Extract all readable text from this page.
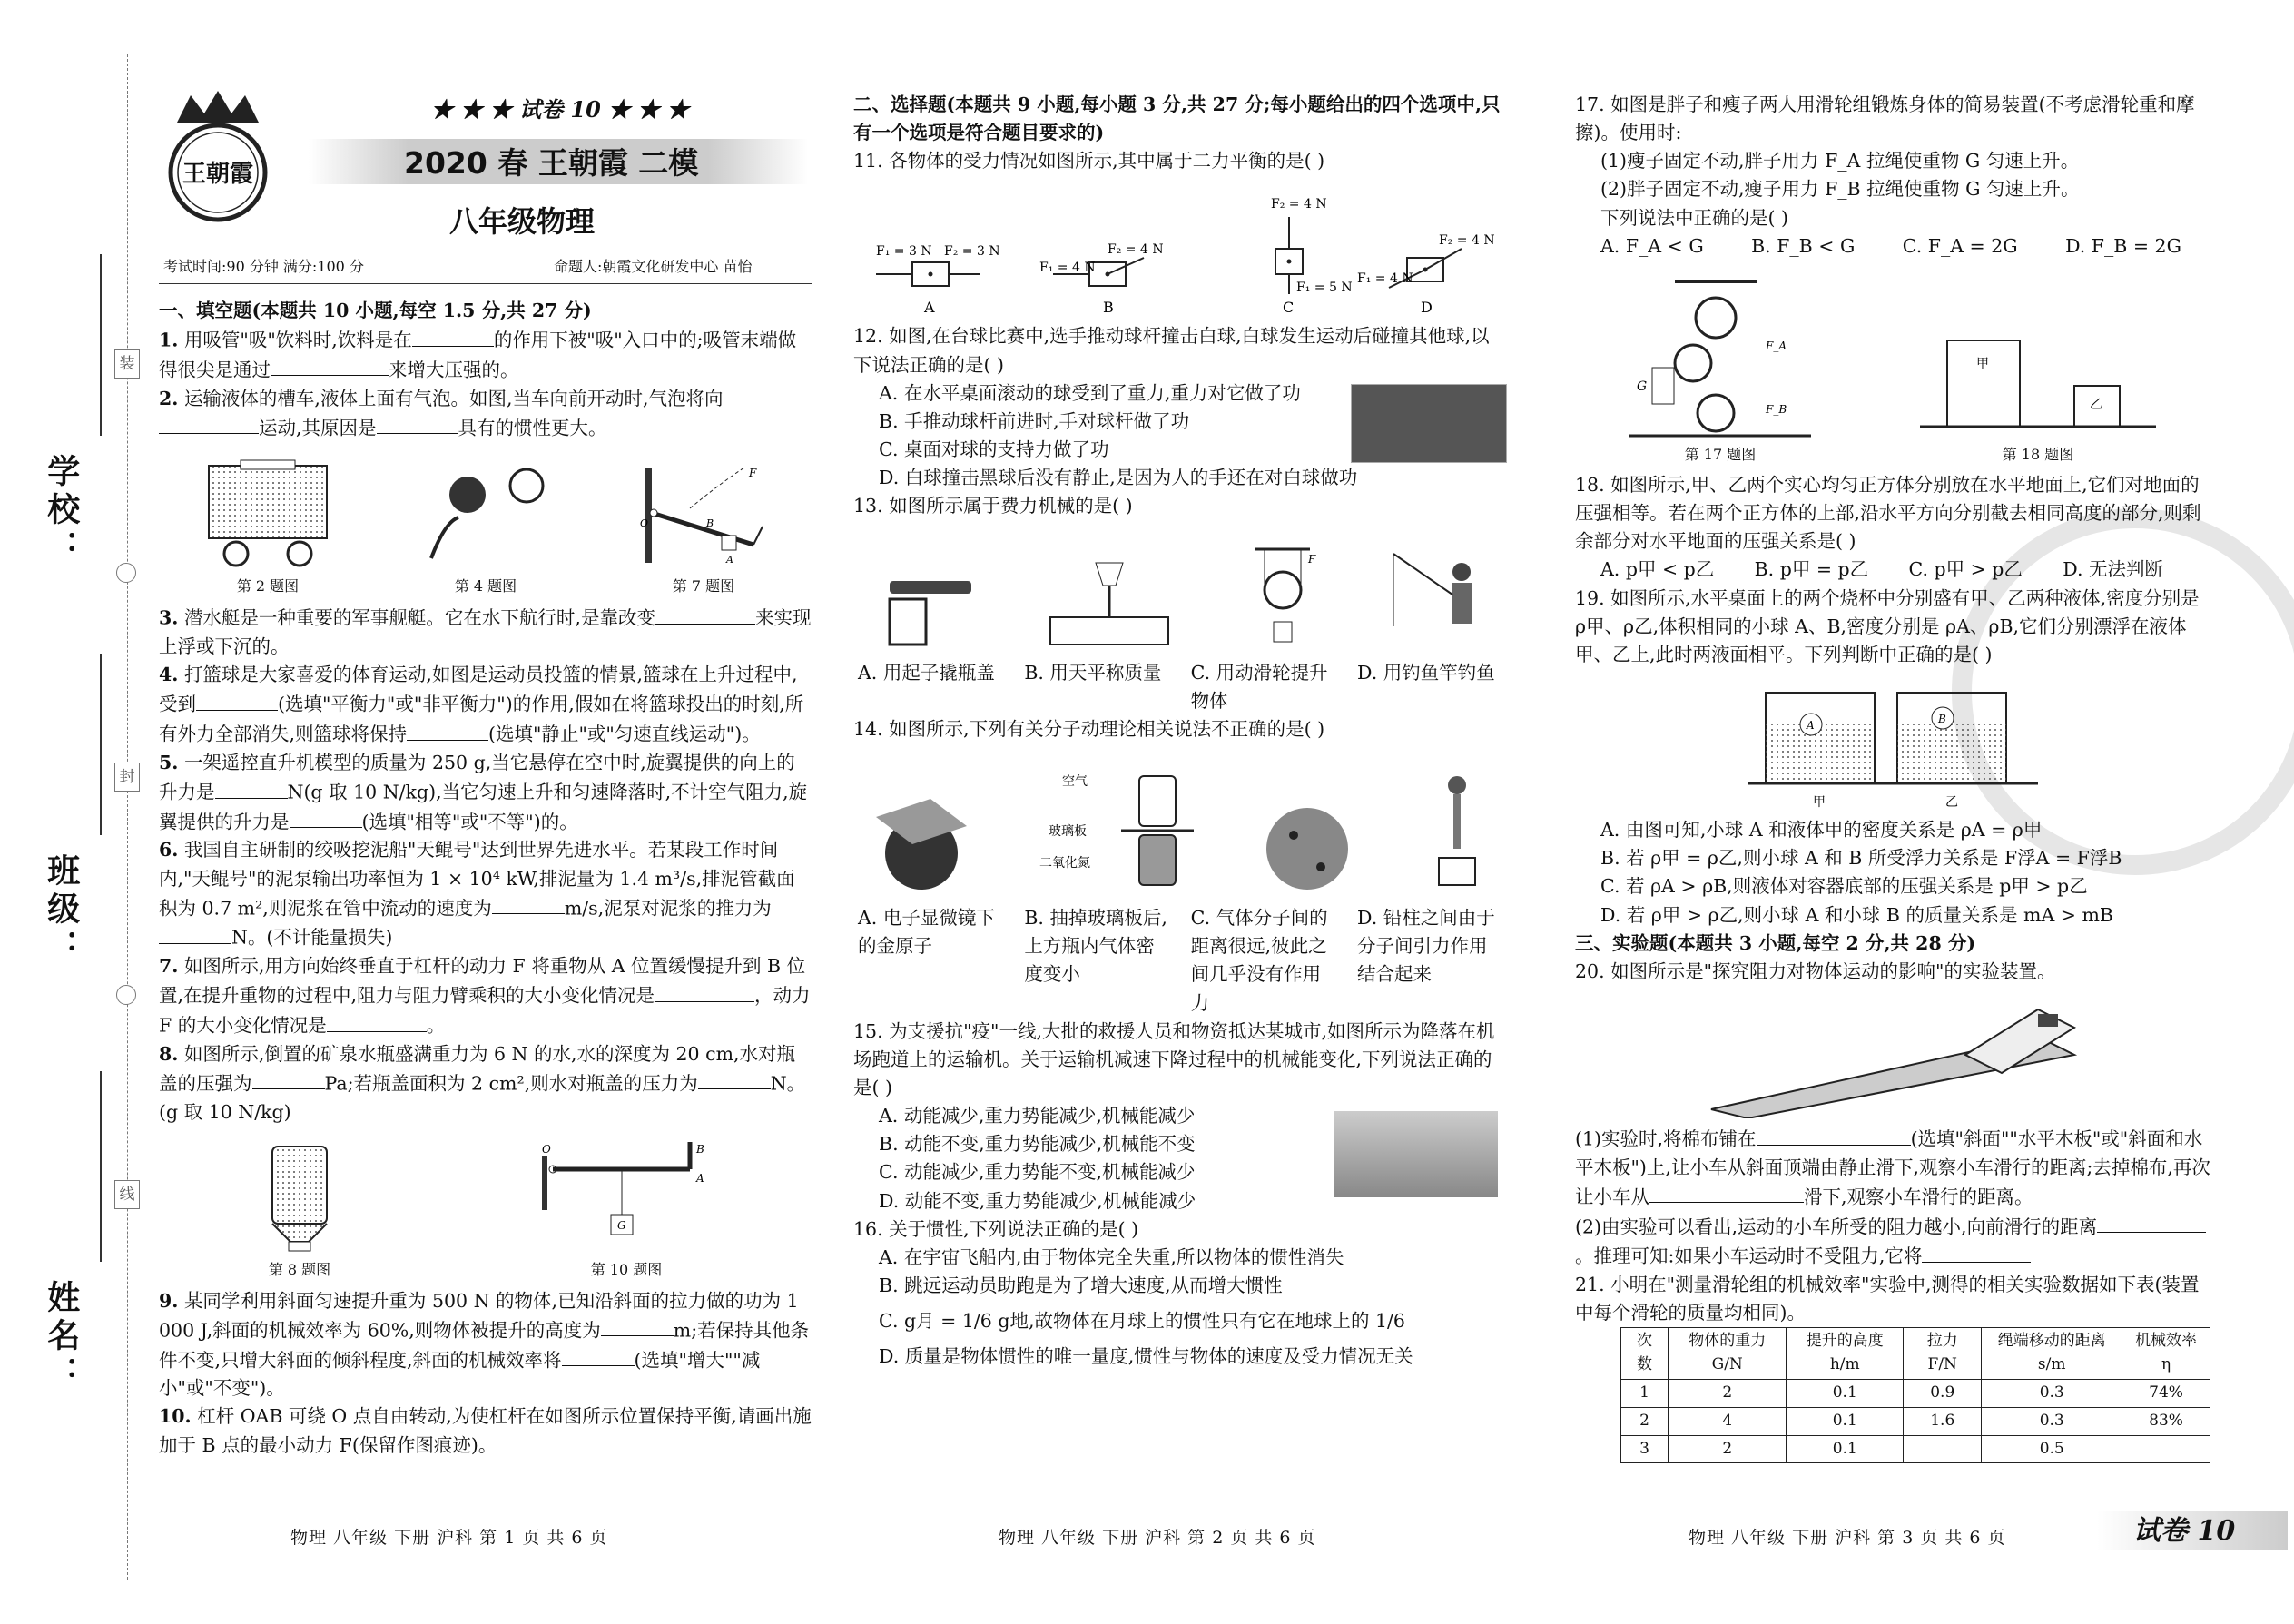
装
封
线
学校：
班级：
姓名：
王朝霞
★ ★ ★ 试卷 10 ★ ★ ★
2020 春 王朝霞 二模
八年级物理
考试时间:90 分钟 满分:100 分	命题人:朝霞文化研发中心 苗怡

一、填空题(本题共 10 小题,每空 1.5 分,共 27 分)

1. 用吸管"吸"饮料时,饮料是在	的作用下被"吸"入口中的;吸管末端做得很尖是通过	来增大压强的。

2. 运输液体的槽车,液体上面有气泡。如图,当车向前开动时,气泡将向运动,其原因是	具有的惯性更大。

第 2 题图	第 4 题图
F
B
O
A
第 7 题图

3. 潜水艇是一种重要的军事舰艇。它在水下航行时,是靠改变	来实现上浮或下沉的。

4. 打篮球是大家喜爱的体育运动,如图是运动员投篮的情景,篮球在上升过程中,受到	(选填"平衡力"或"非平衡力")的作用,假如在将篮球投出的时刻,所有外力全部消失,则篮球将保持	(选填"静止"或"匀速直线运动")。

5. 一架遥控直升机模型的质量为 250 g,当它悬停在空中时,旋翼提供的向上的升力是	N(g 取 10 N/kg),当它匀速上升和匀速降落时,不计空气阻力,旋翼提供的升力是	(选填"相等"或"不等")的。

6. 我国自主研制的绞吸挖泥船"天鲲号"达到世界先进水平。若某段工作时间内,"天鲲号"的泥泵输出功率恒为 1 × 10⁴ kW,排泥量为 1.4 m³/s,排泥管截面积为 0.7 m²,则泥浆在管中流动的速度为	m/s,泥泵对泥浆的推力为N。(不计能量损失)

7. 如图所示,用方向始终垂直于杠杆的动力 F 将重物从 A 位置缓慢提升到 B 位置,在提升重物的过程中,阻力与阻力臂乘积的大小变化情况是	，动力 F 的大小变化情况是	。

8. 如图所示,倒置的矿泉水瓶盛满重力为 6 N 的水,水的深度为 20 cm,水对瓶盖的压强为	Pa;若瓶盖面积为 2 cm²,则水对瓶盖的压力为	N。(g 取 10 N/kg)

第 8 题图
G
O	B
A
第 10 题图

9. 某同学利用斜面匀速提升重为 500 N 的物体,已知沿斜面的拉力做的功为 1 000 J,斜面的机械效率为 60%,则物体被提升的高度为	m;若保持其他条件不变,只增大斜面的倾斜程度,斜面的机械效率将	(选填"增大""减小"或"不变")。

10. 杠杆 OAB 可绕 O 点自由转动,为使杠杆在如图所示位置保持平衡,请画出施加于 B 点的最小动力 F(保留作图痕迹)。

物理 八年级 下册 沪科 第 1 页 共 6 页

二、选择题(本题共 9 小题,每小题 3 分,共 27 分;每小题给出的四个选项中,只有一个选项是符合题目要求的)

11. 各物体的受力情况如图所示,其中属于二力平衡的是( )

F₁ = 3 N F₂ = 3 N
A
F₁ = 4 N
F₂ = 4 N
B
F₂ = 4 N
F₁ = 5 N
C
F₂ = 4 N
F₁ = 4 N
D

12. 如图,在台球比赛中,选手推动球杆撞击白球,白球发生运动后碰撞其他球,以下说法正确的是( )

A. 在水平桌面滚动的球受到了重力,重力对它做了功

B. 手推动球杆前进时,手对球杆做了功

C. 桌面对球的支持力做了功

D. 白球撞击黑球后没有静止,是因为人的手还在对白球做功

13. 如图所示属于费力机械的是( )

F

A. 用起子撬瓶盖	B. 用天平称质量	C. 用动滑轮提升物体

D. 用钓鱼竿钓鱼

14. 如图所示,下列有关分子动理论相关说法不正确的是( )

空气
玻璃板
二氧化氮

A. 电子显微镜下的金原子

B. 抽掉玻璃板后,上方瓶内气体密度变小

C. 气体分子间的距离很远,彼此之间几乎没有作用力

D. 铅柱之间由于分子间引力作用结合起来

15. 为支援抗"疫"一线,大批的救援人员和物资抵达某城市,如图所示为降落在机场跑道上的运输机。关于运输机减速下降过程中的机械能变化,下列说法正确的是( )

A. 动能减少,重力势能减少,机械能减少

B. 动能不变,重力势能减少,机械能不变

C. 动能减少,重力势能不变,机械能减少

D. 动能不变,重力势能减少,机械能减少

16. 关于惯性,下列说法正确的是( )

A. 在宇宙飞船内,由于物体完全失重,所以物体的惯性消失

B. 跳远运动员助跑是为了增大速度,从而增大惯性

C. g月 = 1/6 g地,故物体在月球上的惯性只有它在地球上的 1/6

D. 质量是物体惯性的唯一量度,惯性与物体的速度及受力情况无关

物理 八年级 下册 沪科 第 2 页 共 6 页

17. 如图是胖子和瘦子两人用滑轮组锻炼身体的简易装置(不考虑滑轮重和摩擦)。使用时:

(1)瘦子固定不动,胖子用力 F_A 拉绳使重物 G 匀速上升。

(2)胖子固定不动,瘦子用力 F_B 拉绳使重物 G 匀速上升。

下列说法中正确的是( )

A. F_A < G	B. F_B < G	C. F_A = 2G	D. F_B = 2G
G
F_A
F_B
第 17 题图
甲
乙
第 18 题图

18. 如图所示,甲、乙两个实心均匀正方体分别放在水平地面上,它们对地面的压强相等。若在两个正方体的上部,沿水平方向分别截去相同高度的部分,则剩余部分对水平地面的压强关系是( )

A. p甲 < p乙 B. p甲 = p乙 C. p甲 > p乙 D. 无法判断

19. 如图所示,水平桌面上的两个烧杯中分别盛有甲、乙两种液体,密度分别是 ρ甲、ρ乙,体积相同的小球 A、B,密度分别是 ρA、ρB,它们分别漂浮在液体甲、乙上,此时两液面相平。下列判断中正确的是( )

A	B
甲	乙

A. 由图可知,小球 A 和液体甲的密度关系是 ρA = ρ甲

B. 若 ρ甲 = ρ乙,则小球 A 和 B 所受浮力关系是 F浮A = F浮B

C. 若 ρA > ρB,则液体对容器底部的压强关系是 p甲 > p乙

D. 若 ρ甲 > ρ乙,则小球 A 和小球 B 的质量关系是 mA > mB

三、实验题(本题共 3 小题,每空 2 分,共 28 分)

20. 如图所示是"探究阻力对物体运动的影响"的实验装置。

(1)实验时,将棉布铺在	(选填"斜面""水平木板"或"斜面和水平木板")上,让小车从斜面顶端由静止滑下,观察小车滑行的距离;去掉棉布,再次让小车从	滑下,观察小车滑行的距离。

(2)由实验可以看出,运动的小车所受的阻力越小,向前滑行的距离。推理可知:如果小车运动时不受阻力,它将

21. 小明在"测量滑轮组的机械效率"实验中,测得的相关实验数据如下表(装置中每个滑轮的质量均相同)。

次数	物体的重力 G/N	提升的高度 h/m	拉力 F/N	绳端移动的距离 s/m	机械效率 η
1	2	0.1	0.9	0.3	74%
2	4	0.1	1.6	0.3	83%
3	2	0.1		0.5	
物理 八年级 下册 沪科 第 3 页 共 6 页	试卷 10
